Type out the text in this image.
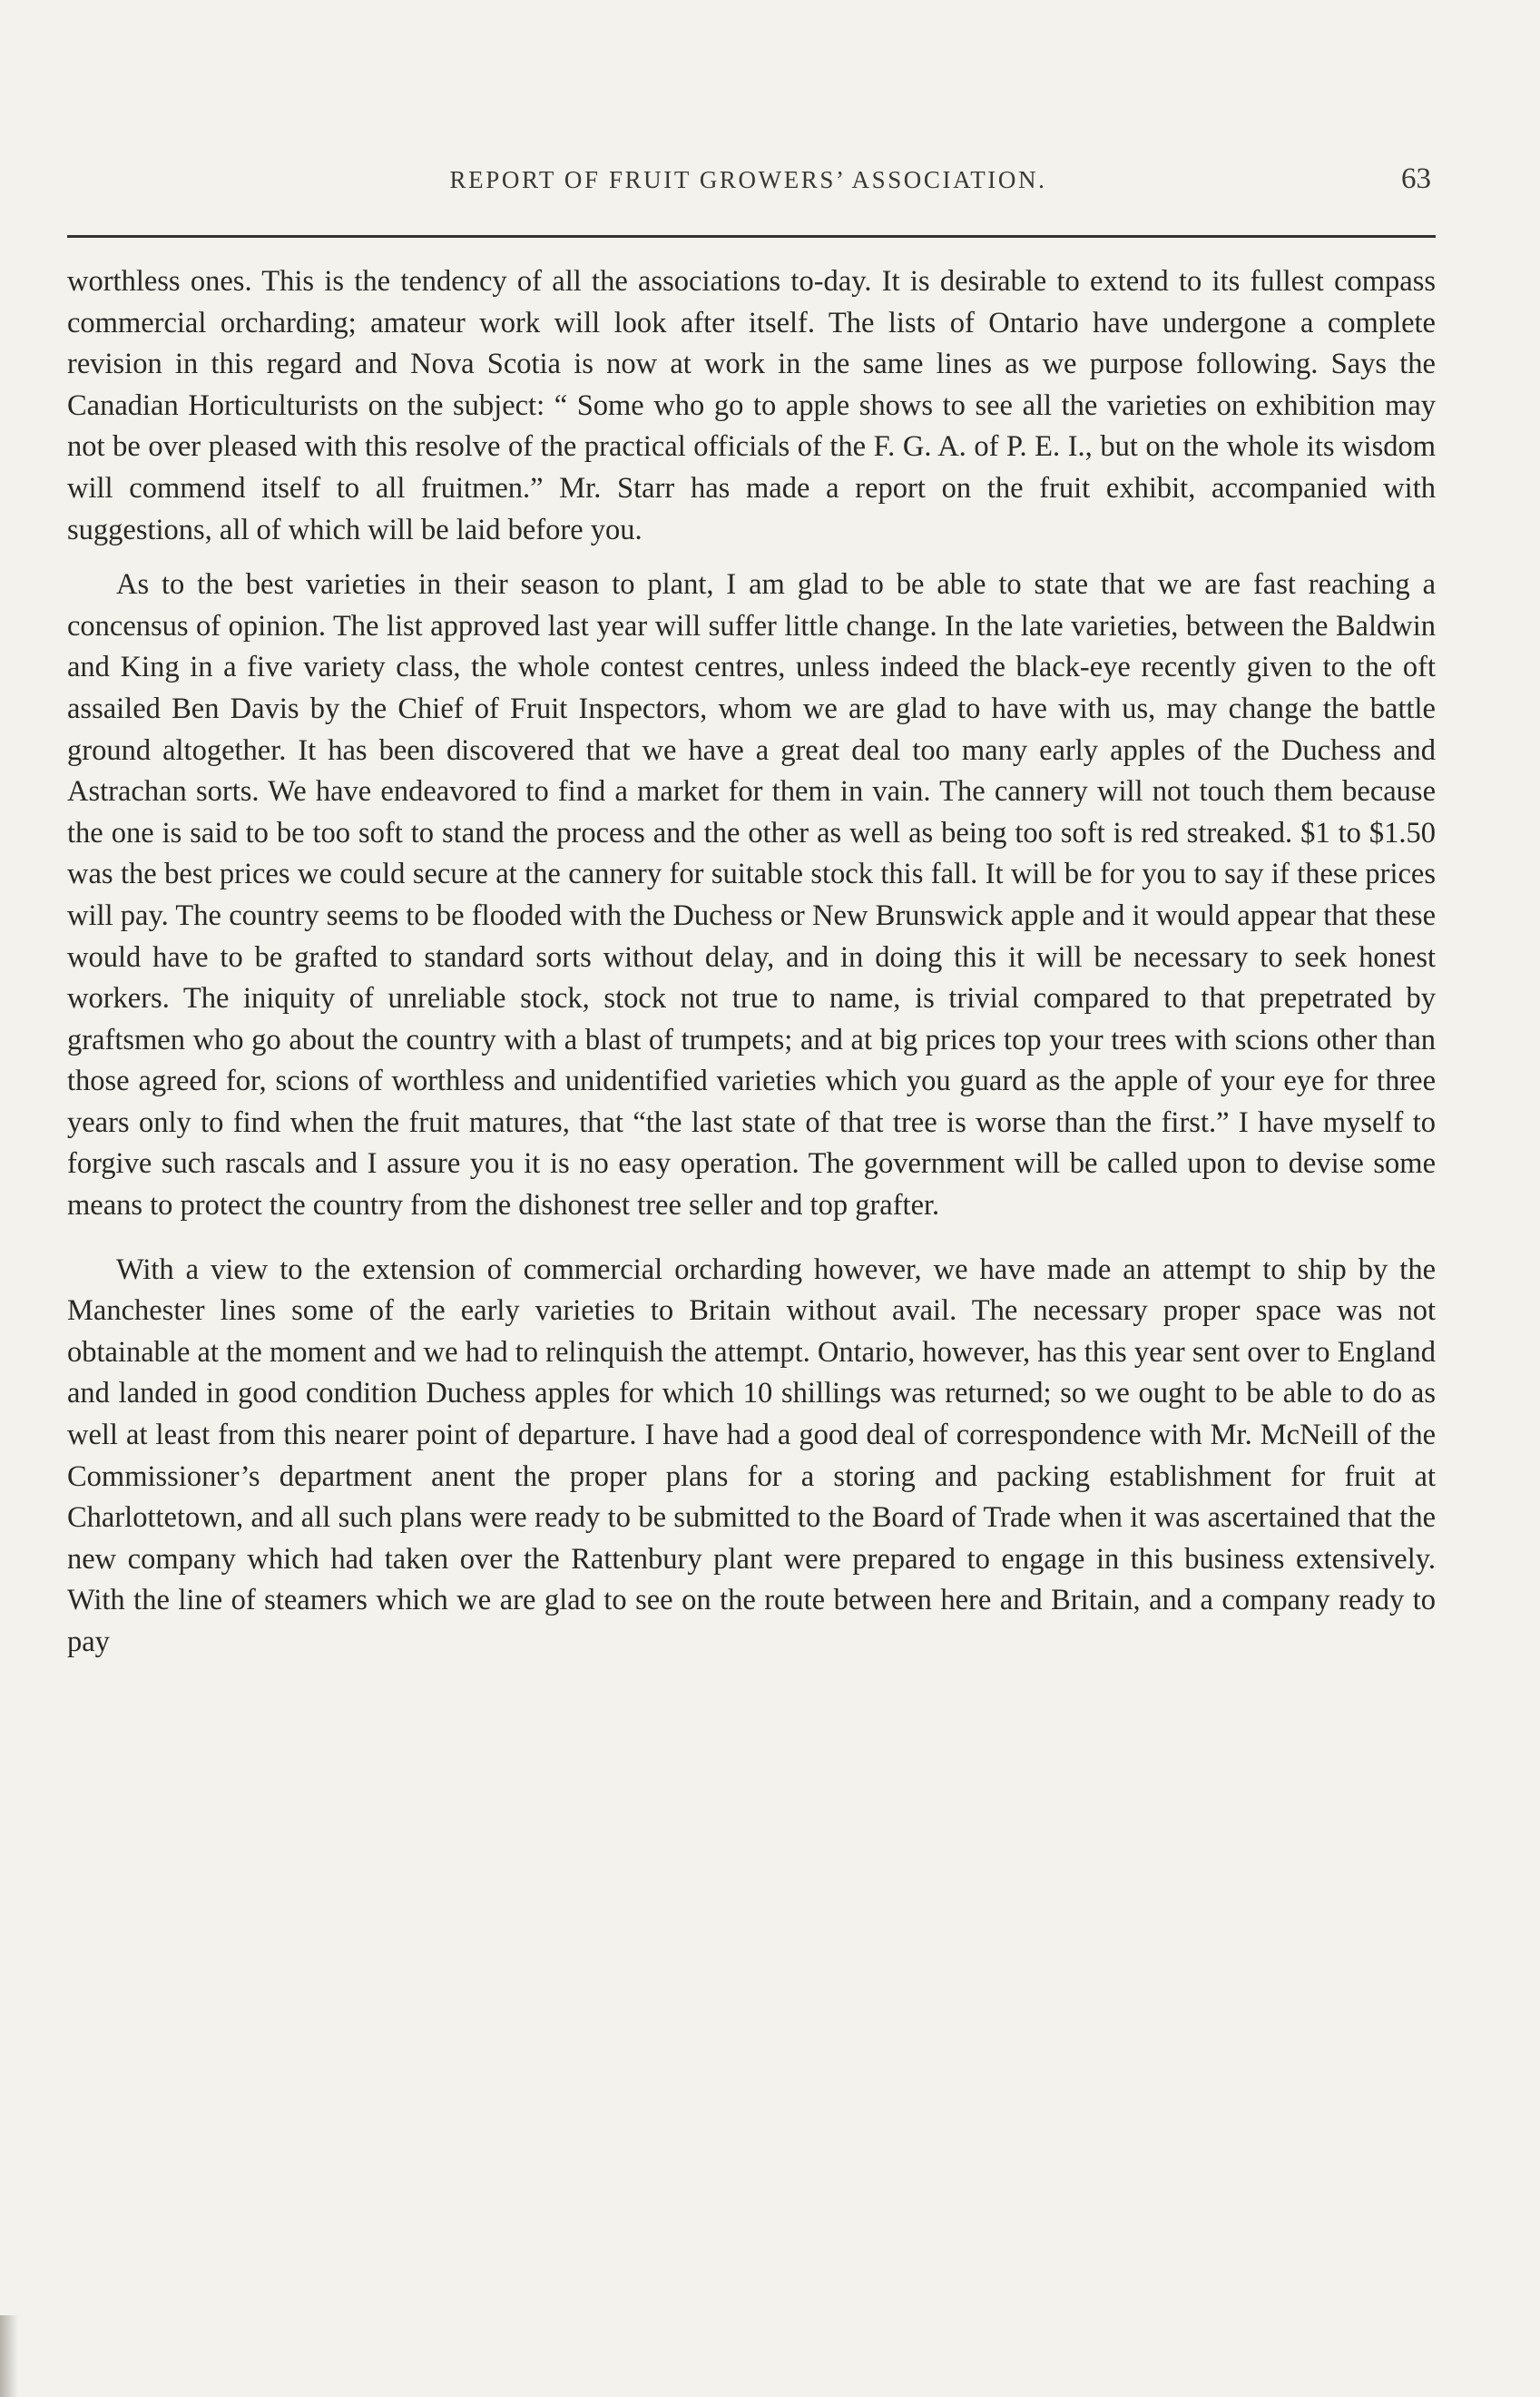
REPORT OF FRUIT GROWERS’ ASSOCIATION.	63

worthless ones. This is the tendency of all the associations to-day. It is desirable to extend to its fullest compass commercial orcharding; amateur work will look after itself. The lists of Ontario have undergone a complete revision in this regard and Nova Scotia is now at work in the same lines as we purpose following. Says the Canadian Horticulturists on the subject: “ Some who go to apple shows to see all the varieties on exhibition may not be over pleased with this resolve of the practical officials of the F. G. A. of P. E. I., but on the whole its wisdom will commend itself to all fruitmen.” Mr. Starr has made a report on the fruit exhibit, accompanied with suggestions, all of which will be laid before you.

As to the best varieties in their season to plant, I am glad to be able to state that we are fast reaching a concensus of opinion. The list approved last year will suffer little change. In the late varieties, between the Baldwin and King in a five variety class, the whole contest centres, unless indeed the black-eye recently given to the oft assailed Ben Davis by the Chief of Fruit Inspectors, whom we are glad to have with us, may change the battle ground altogether. It has been discovered that we have a great deal too many early apples of the Duchess and Astrachan sorts. We have endeavored to find a market for them in vain. The cannery will not touch them because the one is said to be too soft to stand the process and the other as well as being too soft is red streaked. $1 to $1.50 was the best prices we could secure at the cannery for suitable stock this fall. It will be for you to say if these prices will pay. The country seems to be flooded with the Duchess or New Brunswick apple and it would appear that these would have to be grafted to standard sorts without delay, and in doing this it will be necessary to seek honest workers. The iniquity of unreliable stock, stock not true to name, is trivial compared to that prepetrated by graftsmen who go about the country with a blast of trumpets; and at big prices top your trees with scions other than those agreed for, scions of worthless and unidentified varieties which you guard as the apple of your eye for three years only to find when the fruit matures, that “the last state of that tree is worse than the first.” I have myself to forgive such rascals and I assure you it is no easy operation. The government will be called upon to devise some means to protect the country from the dishonest tree seller and top grafter.

With a view to the extension of commercial orcharding however, we have made an attempt to ship by the Manchester lines some of the early varieties to Britain without avail. The necessary proper space was not obtainable at the moment and we had to relinquish the attempt. Ontario, however, has this year sent over to England and landed in good condition Duchess apples for which 10 shillings was returned; so we ought to be able to do as well at least from this nearer point of departure. I have had a good deal of correspondence with Mr. McNeill of the Commissioner’s department anent the proper plans for a storing and packing establishment for fruit at Charlottetown, and all such plans were ready to be submitted to the Board of Trade when it was ascertained that the new company which had taken over the Rattenbury plant were prepared to engage in this business extensively. With the line of steamers which we are glad to see on the route between here and Britain, and a company ready to pay
